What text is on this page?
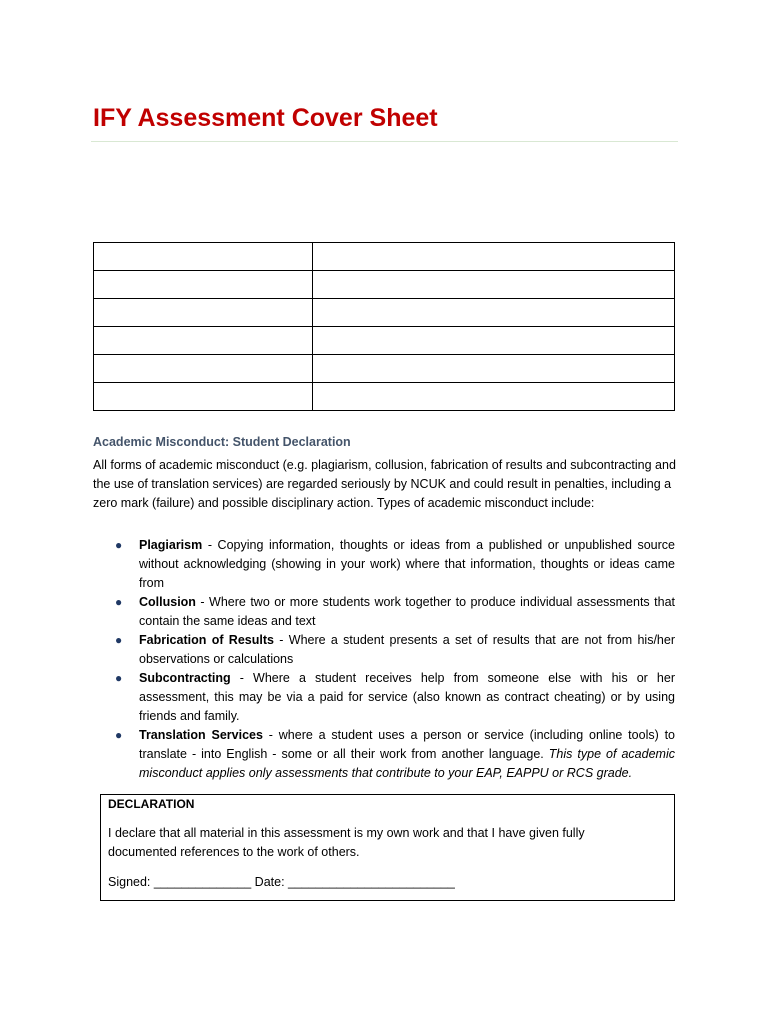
IFY Assessment Cover Sheet

Academic Misconduct: Student Declaration
All forms of academic misconduct (e.g. plagiarism, collusion, fabrication of results and subcontracting and the use of translation services) are regarded seriously by NCUK and could result in penalties, including a zero mark (failure) and possible disciplinary action. Types of academic misconduct include:
● Plagiarism - Copying information, thoughts or ideas from a published or unpublished source without acknowledging (showing in your work) where that information, thoughts or ideas came from
● Collusion - Where two or more students work together to produce individual assessments that contain the same ideas and text
● Fabrication of Results - Where a student presents a set of results that are not from his/her observations or calculations
● Subcontracting - Where a student receives help from someone else with his or her assessment, this may be via a paid for service (also known as contract cheating) or by using friends and family.
● Translation Services - where a student uses a person or service (including online tools) to translate - into English - some or all their work from another language. This type of academic misconduct applies only assessments that contribute to your EAP, EAPPU or RCS grade.
DECLARATION
I declare that all material in this assessment is my own work and that I have given fully documented references to the work of others.
Signed: ______________ Date: ________________________
